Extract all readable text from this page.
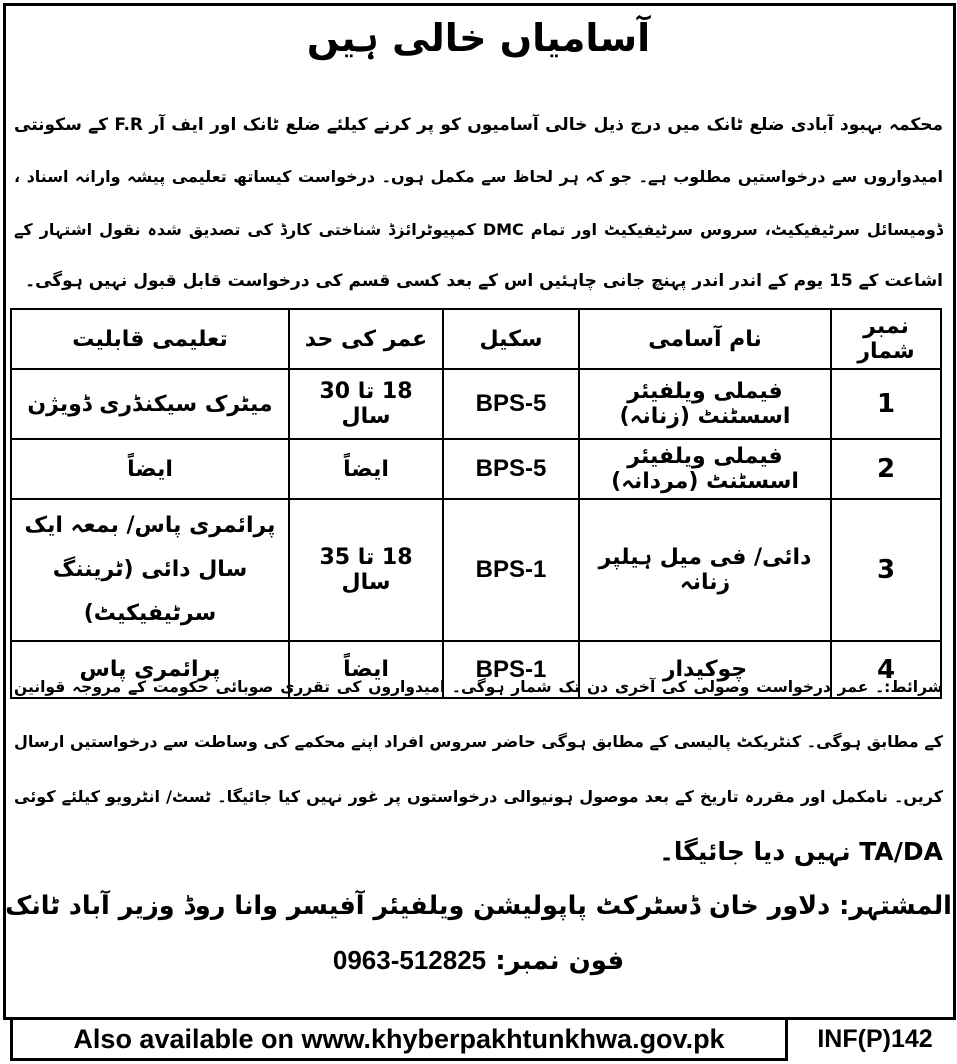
آسامیاں خالی ہیں
محکمہ بہبود آبادی ضلع ٹانک میں درج ذیل خالی آسامیوں کو پر کرنے کیلئے ضلع ٹانک اور ایف آر F.R کے سکونتی
امیدواروں سے درخواستیں مطلوب ہے۔ جو کہ ہر لحاظ سے مکمل ہوں۔ درخواست کیساتھ تعلیمی پیشہ وارانہ اسناد ،
ڈومیسائل سرٹیفیکیٹ، سروس سرٹیفیکیٹ اور تمام DMC کمپیوٹرائزڈ شناختی کارڈ کی تصدیق شدہ نقول اشتہار کے
اشاعت کے 15 یوم کے اندر اندر پہنچ جانی چاہئیں اس کے بعد کسی قسم کی درخواست قابل قبول نہیں ہوگی۔
نمبر شمار	نام آسامی	سکیل	عمر کی حد	تعلیمی قابلیت
1	فیملی ویلفیئر اسسٹنٹ (زنانہ)	BPS-5	18 تا 30 سال	میٹرک سیکنڈری ڈویژن
2	فیملی ویلفیئر اسسٹنٹ (مردانہ)	BPS-5	ایضاً	ایضاً
3	دائی/ فی میل ہیلپر زنانہ	BPS-1	18 تا 35 سال	پرائمری پاس/ بمعہ ایک سال دائی (ٹریننگ سرٹیفیکیٹ)
4	چوکیدار	BPS-1	ایضاً	پرائمری پاس
شرائط:۔ عمر درخواست وصولی کی آخری دن تک شمار ہوگی۔ امیدواروں کی تقرری صوبائی حکومت کے مروجہ قوانین
کے مطابق ہوگی۔ کنٹریکٹ پالیسی کے مطابق ہوگی حاضر سروس افراد اپنے محکمے کی وساطت سے درخواستیں ارسال
کریں۔ نامکمل اور مقررہ تاریخ کے بعد موصول ہونیوالی درخواستوں پر غور نہیں کیا جائیگا۔ ٹسٹ/ انٹرویو کیلئے کوئی
TA/DA نہیں دیا جائیگا۔
المشتہر: دلاور خان ڈسٹرکٹ پاپولیشن ویلفیئر آفیسر وانا روڈ وزیر آباد ٹانک
فون نمبر: 0963-512825
Also available on www.khyberpakhtunkhwa.gov.pk	INF(P)142
